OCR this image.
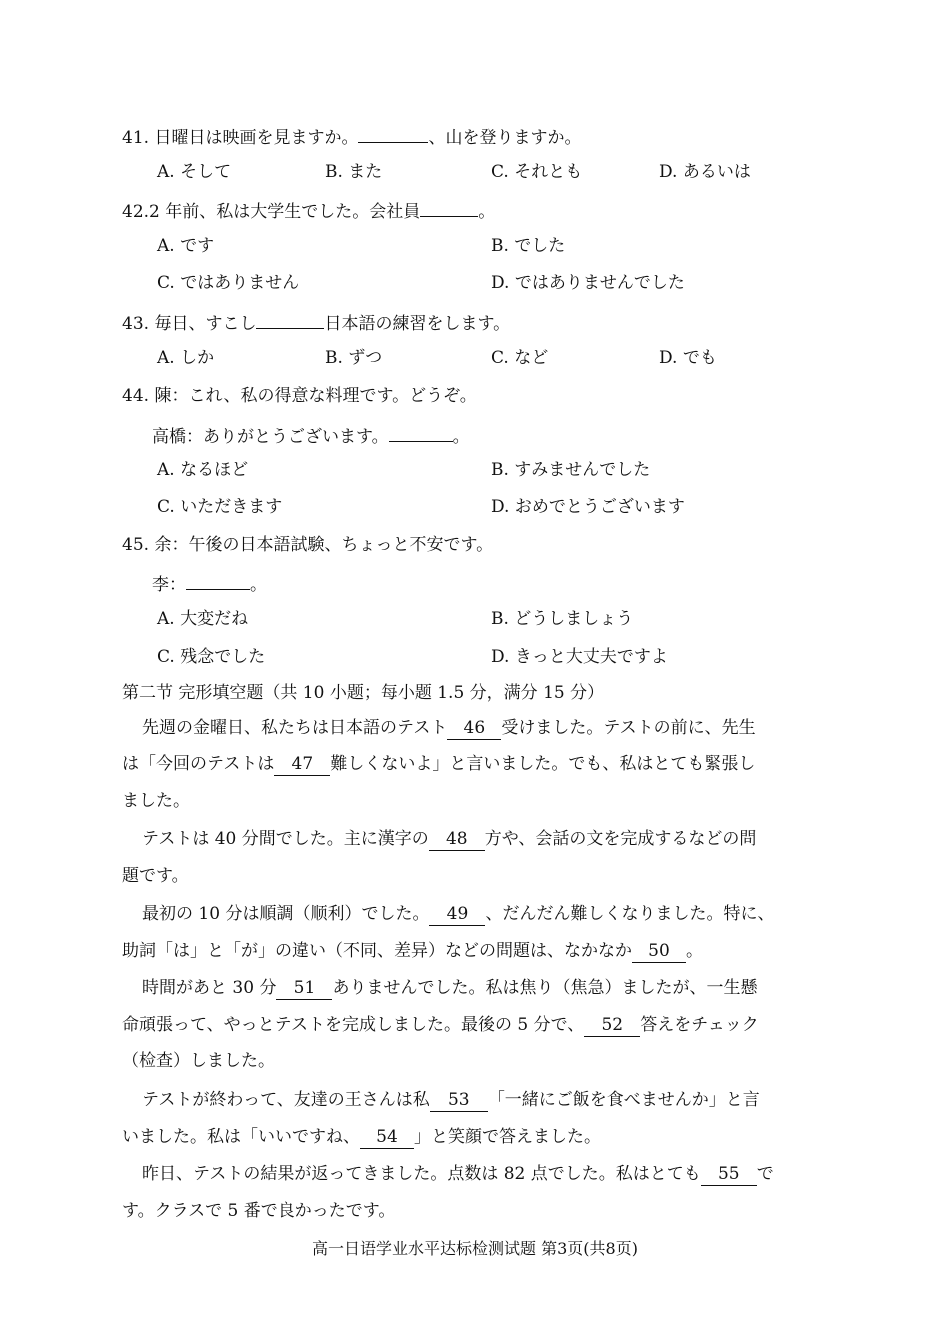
41. 日曜日は映画を見ますか。	、山を登りますか。
A. そして	B. また	C. それとも	D. あるいは
42.2 年前、私は大学生でした。会社員	。
A. です	B. でした
C. ではありません	D. ではありませんでした
43. 毎日、すこし	日本語の練習をします。
A. しか	B. ずつ	C. など	D. でも
44. 陳：これ、私の得意な料理です。どうぞ。
高橋：ありがとうございます。	。
A. なるほど	B. すみませんでした
C. いただきます	D. おめでとうございます
45. 余：午後の日本語試験、ちょっと不安です。
李：	。
A. 大変だね	B. どうしましょう
C. 残念でした	D. きっと大丈夫ですよ
第二节 完形填空题（共 10 小题；每小题 1.5 分，满分 15 分）
先週の金曜日、私たちは日本語のテスト 46 受けました。テストの前に、先生
は「今回のテストは 47 難しくないよ」と言いました。でも、私はとても緊張し
ました。
テストは 40 分間でした。主に漢字の 48 方や、会話の文を完成するなどの問
題です。
最初の 10 分は順調（顺利）でした。 49 、だんだん難しくなりました。特に、
助詞「は」と「が」の違い（不同、差异）などの問題は、なかなか 50 。
時間があと 30 分 51 ありませんでした。私は焦り（焦急）ましたが、一生懸
命頑張って、やっとテストを完成しました。最後の 5 分で、 52 答えをチェック
（检查）しました。
テストが終わって、友達の王さんは私 53 「一緒にご飯を食べませんか」と言
いました。私は「いいですね、 54 」と笑顔で答えました。
昨日、テストの結果が返ってきました。点数は 82 点でした。私はとても 55 で
す。クラスで 5 番で良かったです。
高一日语学业水平达标检测试题 第3页(共8页)
